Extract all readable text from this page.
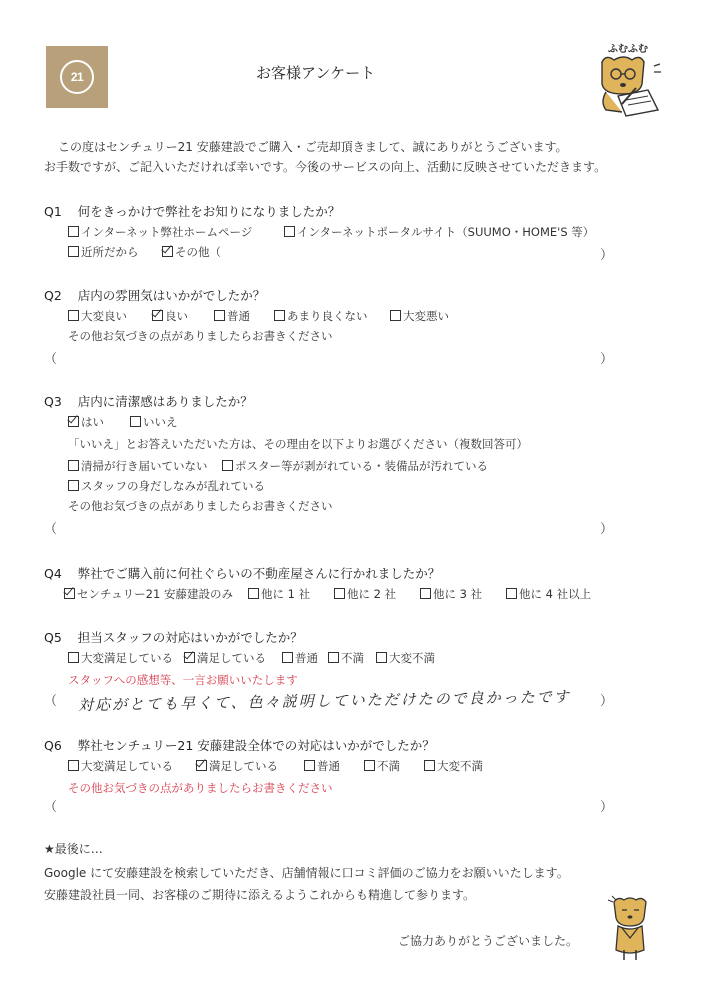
21	お客様アンケート
ふむふむ
この度はセンチュリー21 安藤建設でご購入・ご売却頂きまして、誠にありがとうございます。
お手数ですが、ご記入いただければ幸いです。今後のサービスの向上、活動に反映させていただきます。
Q1 何をきっかけで弊社をお知りになりましたか？
インターネット弊社ホームページ	インターネットポータルサイト（SUUMO・HOME'S 等）
近所だから	その他（	）
Q2 店内の雰囲気はいかがでしたか？
大変良い	良い	普通	あまり良くない	大変悪い
その他お気づきの点がありましたらお書きください
（	）
Q3 店内に清潔感はありましたか？
はい	いいえ
「いいえ」とお答えいただいた方は、その理由を以下よりお選びください（複数回答可）
清掃が行き届いていない	ポスター等が剥がれている・装備品が汚れている
スタッフの身だしなみが乱れている
その他お気づきの点がありましたらお書きください
（	）
Q4 弊社でご購入前に何社ぐらいの不動産屋さんに行かれましたか？
センチュリー21 安藤建設のみ	他に 1 社	他に 2 社	他に 3 社	他に 4 社以上
Q5 担当スタッフの対応はいかがでしたか？
大変満足している	満足している	普通	不満	大変不満
スタッフへの感想等、一言お願いいたします
（ 対応がとても早くて、色々説明していただけたので良かったです ）
Q6 弊社センチュリー21 安藤建設全体での対応はいかがでしたか？
大変満足している	満足している	普通	不満	大変不満
その他お気づきの点がありましたらお書きください
（	）
★最後に…
Google にて安藤建設を検索していただき、店舗情報に口コミ評価のご協力をお願いいたします。
安藤建設社員一同、お客様のご期待に添えるようこれからも精進して参ります。
ご協力ありがとうございました。
